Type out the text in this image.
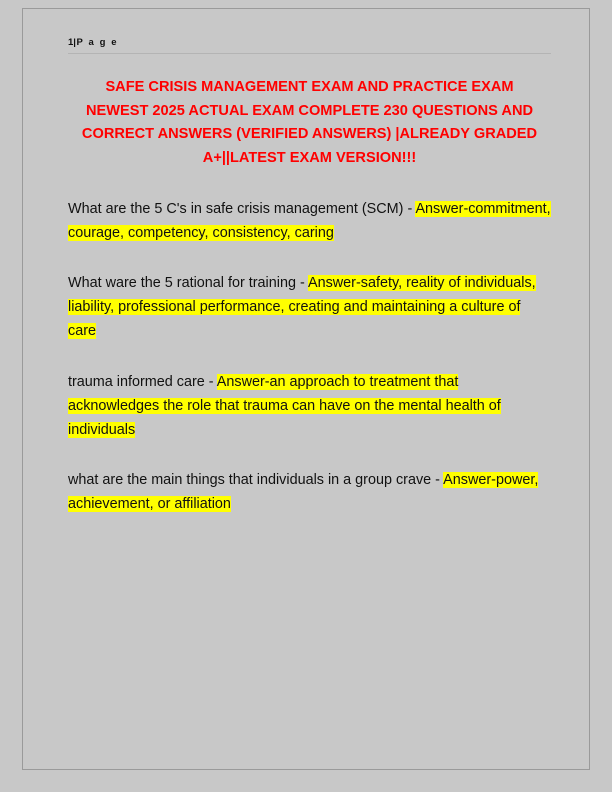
1|P a g e
SAFE CRISIS MANAGEMENT EXAM AND PRACTICE EXAM NEWEST 2025 ACTUAL EXAM COMPLETE 230 QUESTIONS AND CORRECT ANSWERS (VERIFIED ANSWERS) |ALREADY GRADED A+||LATEST EXAM VERSION!!!
What are the 5 C's in safe crisis management (SCM) - Answer-commitment, courage, competency, consistency, caring
What ware the 5 rational for training - Answer-safety, reality of individuals, liability, professional performance, creating and maintaining a culture of care
trauma informed care - Answer-an approach to treatment that acknowledges the role that trauma can have on the mental health of individuals
what are the main things that individuals in a group crave - Answer-power, achievement, or affiliation
